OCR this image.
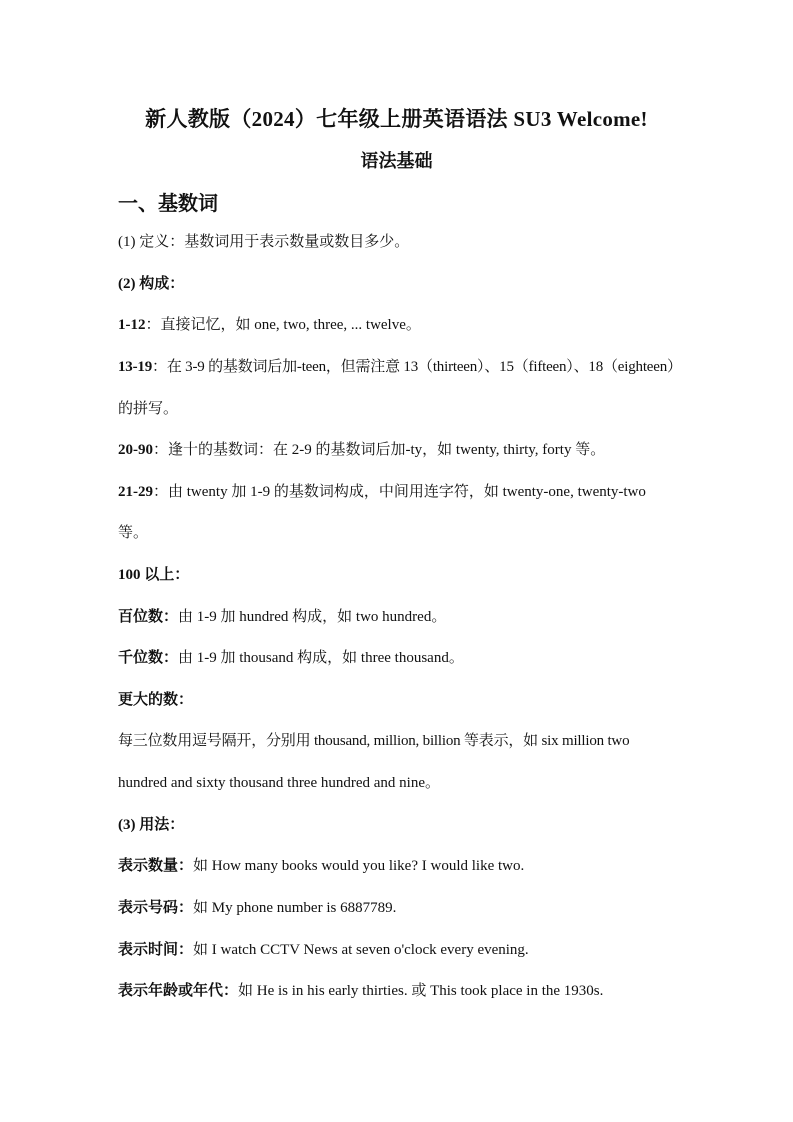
新人教版（2024）七年级上册英语语法 SU3 Welcome!
语法基础
一、基数词
(1) 定义：基数词用于表示数量或数目多少。
(2) 构成：
1-12：直接记忆，如 one, two, three, ... twelve。
13-19：在 3-9 的基数词后加-teen，但需注意 13（thirteen）、15（fifteen）、18（eighteen）
的拼写。
20-90：逢十的基数词：在 2-9 的基数词后加-ty，如 twenty, thirty, forty 等。
21-29：由 twenty 加 1-9 的基数词构成，中间用连字符，如 twenty-one, twenty-two
等。
100 以上：
百位数：由 1-9 加 hundred 构成，如 two hundred。
千位数：由 1-9 加 thousand 构成，如 three thousand。
更大的数：
每三位数用逗号隔开，分别用 thousand, million, billion 等表示，如 six million two
hundred and sixty thousand three hundred and nine。
(3) 用法：
表示数量：如 How many books would you like? I would like two.
表示号码：如 My phone number is 6887789.
表示时间：如 I watch CCTV News at seven o'clock every evening.
表示年龄或年代：如 He is in his early thirties. 或 This took place in the 1930s.
